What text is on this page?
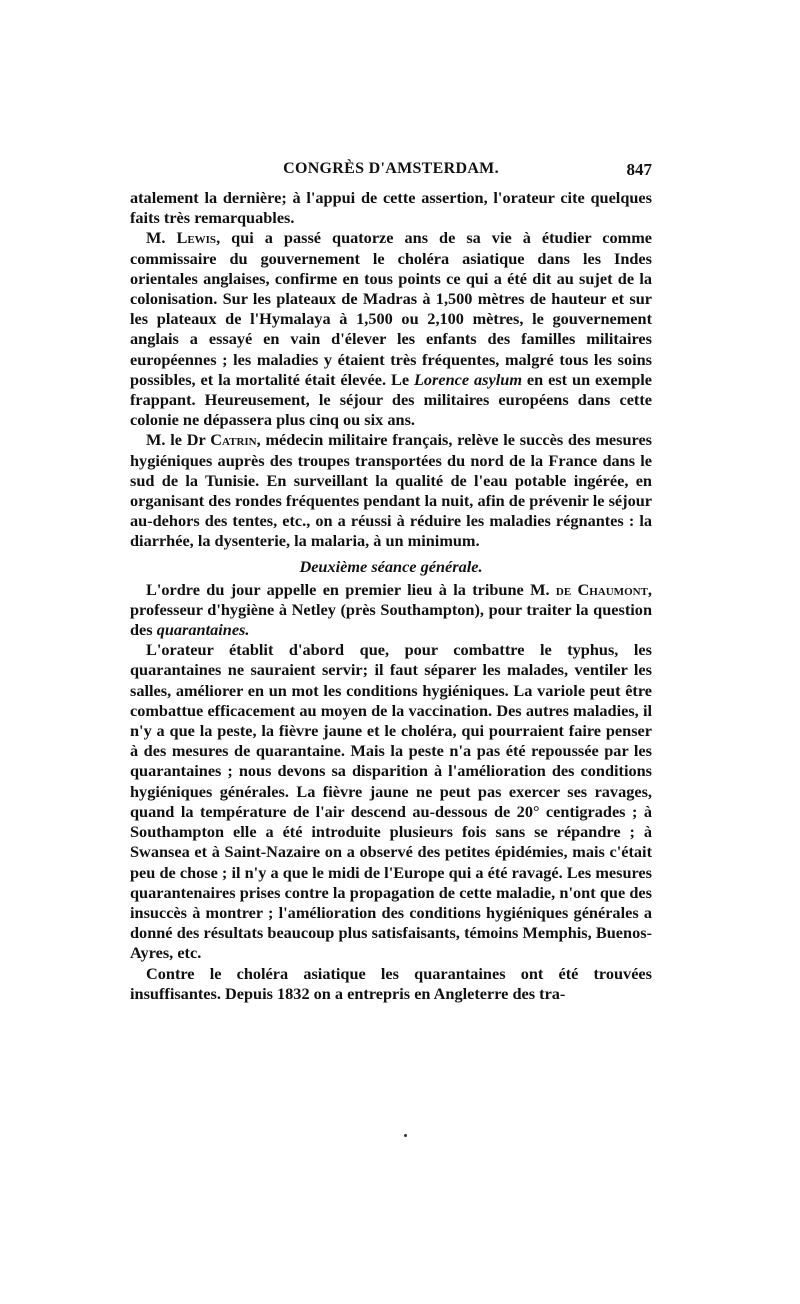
CONGRÈS D'AMSTERDAM.	847

atalement la dernière; à l'appui de cette assertion, l'orateur cite quelques faits très remarquables.

M. Lewis, qui a passé quatorze ans de sa vie à étudier comme commissaire du gouvernement le choléra asiatique dans les Indes orientales anglaises, confirme en tous points ce qui a été dit au sujet de la colonisation. Sur les plateaux de Madras à 1,500 mètres de hauteur et sur les plateaux de l'Hymalaya à 1,500 ou 2,100 mètres, le gouvernement anglais a essayé en vain d'élever les enfants des familles militaires européennes ; les maladies y étaient très fréquentes, malgré tous les soins possibles, et la mortalité était élevée. Le Lorence asylum en est un exemple frappant. Heureusement, le séjour des militaires européens dans cette colonie ne dépassera plus cinq ou six ans.

M. le Dr Catrin, médecin militaire français, relève le succès des mesures hygiéniques auprès des troupes transportées du nord de la France dans le sud de la Tunisie. En surveillant la qualité de l'eau potable ingérée, en organisant des rondes fréquentes pendant la nuit, afin de prévenir le séjour au-dehors des tentes, etc., on a réussi à réduire les maladies régnantes : la diarrhée, la dysenterie, la malaria, à un minimum.

Deuxième séance générale.

L'ordre du jour appelle en premier lieu à la tribune M. de Chaumont, professeur d'hygiène à Netley (près Southampton), pour traiter la question des quarantaines.

L'orateur établit d'abord que, pour combattre le typhus, les quarantaines ne sauraient servir; il faut séparer les malades, ventiler les salles, améliorer en un mot les conditions hygiéniques. La variole peut être combattue efficacement au moyen de la vaccination. Des autres maladies, il n'y a que la peste, la fièvre jaune et le choléra, qui pourraient faire penser à des mesures de quarantaine. Mais la peste n'a pas été repoussée par les quarantaines ; nous devons sa disparition à l'amélioration des conditions hygiéniques générales. La fièvre jaune ne peut pas exercer ses ravages, quand la température de l'air descend au-dessous de 20° centigrades ; à Southampton elle a été introduite plusieurs fois sans se répandre ; à Swansea et à Saint-Nazaire on a observé des petites épidémies, mais c'était peu de chose ; il n'y a que le midi de l'Europe qui a été ravagé. Les mesures quarantenaires prises contre la propagation de cette maladie, n'ont que des insuccès à montrer ; l'amélioration des conditions hygiéniques générales a donné des résultats beaucoup plus satisfaisants, témoins Memphis, Buenos-Ayres, etc.

Contre le choléra asiatique les quarantaines ont été trouvées insuffisantes. Depuis 1832 on a entrepris en Angleterre des tra-
